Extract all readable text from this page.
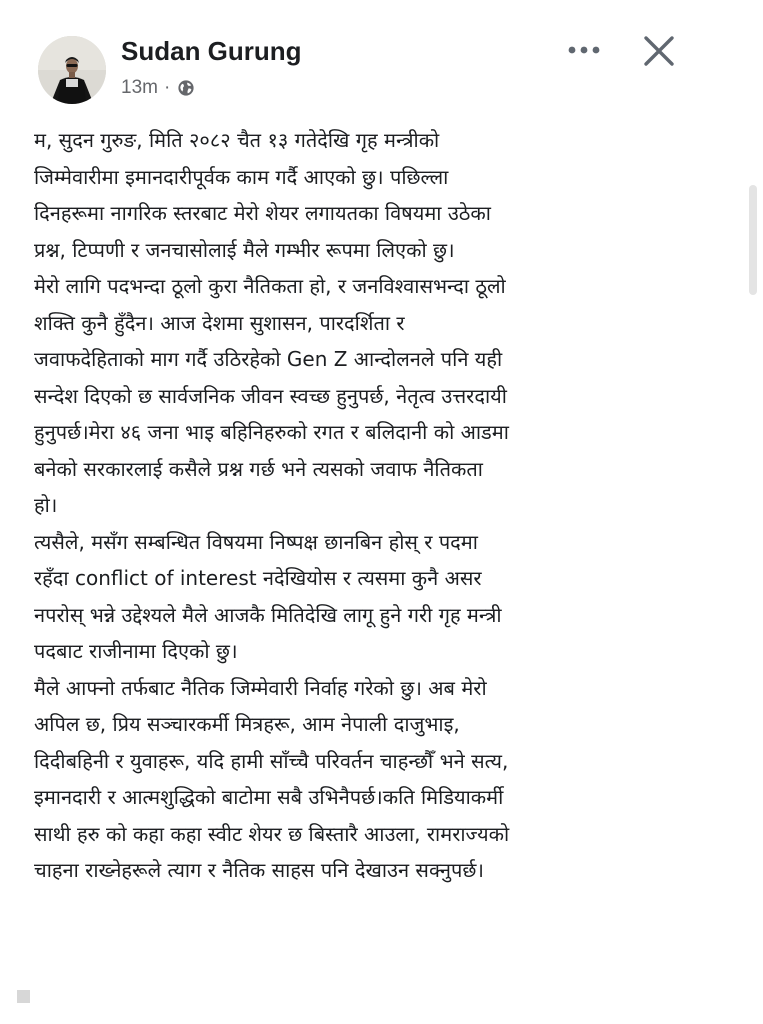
Sudan Gurung
13m ·

म, सुदन गुरुङ, मिति २०८२ चैत १३ गतेदेखि गृह मन्त्रीको

जिम्मेवारीमा इमानदारीपूर्वक काम गर्दै आएको छु। पछिल्ला

दिनहरूमा नागरिक स्तरबाट मेरो शेयर लगायतका विषयमा उठेका

प्रश्न, टिप्पणी र जनचासोलाई मैले गम्भीर रूपमा लिएको छु।

मेरो लागि पदभन्दा ठूलो कुरा नैतिकता हो, र जनविश्वासभन्दा ठूलो

शक्ति कुनै हुँदैन। आज देशमा सुशासन, पारदर्शिता र

जवाफदेहिताको माग गर्दै उठिरहेको Gen Z आन्दोलनले पनि यही

सन्देश दिएको छ सार्वजनिक जीवन स्वच्छ हुनुपर्छ, नेतृत्व उत्तरदायी

हुनुपर्छ।मेरा ४६ जना भाइ बहिनिहरुको रगत र बलिदानी को आडमा

बनेको सरकारलाई कसैले प्रश्न गर्छ भने त्यसको जवाफ नैतिकता

हो।

त्यसैले, मसँग सम्बन्धित विषयमा निष्पक्ष छानबिन होस् र पदमा

रहँदा conflict of interest नदेखियोस र त्यसमा कुनै असर

नपरोस् भन्ने उद्देश्यले मैले आजकै मितिदेखि लागू हुने गरी गृह मन्त्री

पदबाट राजीनामा दिएको छु।

मैले आफ्नो तर्फबाट नैतिक जिम्मेवारी निर्वाह गरेको छु। अब मेरो

अपिल छ, प्रिय सञ्चारकर्मी मित्रहरू, आम नेपाली दाजुभाइ,

दिदीबहिनी र युवाहरू, यदि हामी साँच्चै परिवर्तन चाहन्छौँ भने सत्य,

इमानदारी र आत्मशुद्धिको बाटोमा सबै उभिनैपर्छ।कति मिडियाकर्मी

साथी हरु को कहा कहा स्वीट शेयर छ बिस्तारै आउला, रामराज्यको

चाहना राख्नेहरूले त्याग र नैतिक साहस पनि देखाउन सक्नुपर्छ।
